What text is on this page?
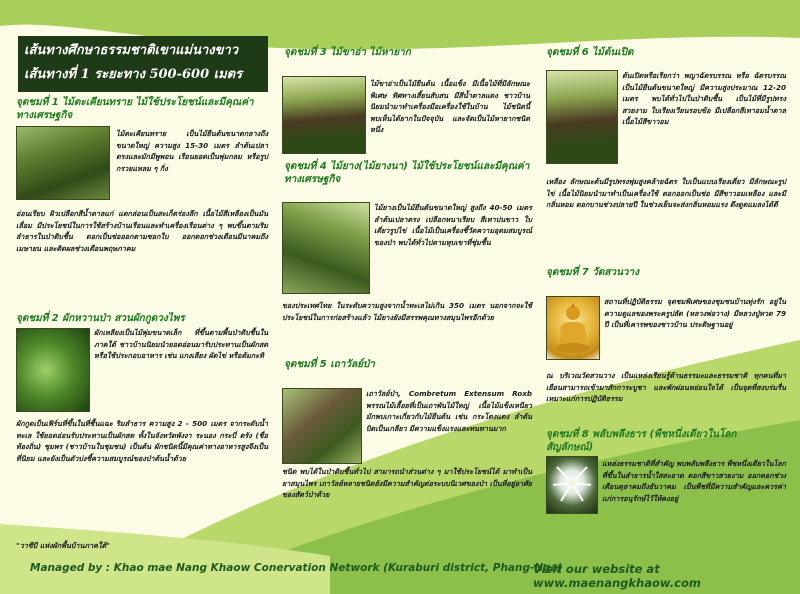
เส้นทางศึกษาธรรมชาติเขาแม่นางขาว
เส้นทางที่ 1 ระยะทาง 500-600 เมตร
จุดชมที่ 1 ไม้ตะเคียนทราย ไม้ใช้ประโยชน์และมีคุณค่าทางเศรษฐกิจ
ไม้ตะเคียนทราย เป็นไม้ยืนต้นขนาดกลางถึงขนาดใหญ่ ความสูง 15-30 เมตร ลำต้นเปลาตรงและมักมีพูพอน เรือนยอดเป็นพุ่มกลม หรือรูปกรวยแหลม ๆ กิ่ง
อ่อนเรียบ ผิวเปลือกสีน้ำตาลแก่ แตกล่อนเป็นสะเก็ดร่องลึก เนื้อไม้สีเหลืองเป็นมันเลื่อม มีประโยชน์ในการใช้สร้างบ้านเรือนและทำเครื่องเรือนต่าง ๆ พบขึ้นตามริมลำธารในป่าดิบชื้น ดอกเป็นช่อออกตามซอกใบ ออกดอกช่วงเดือนมีนาคมถึงเมษายน และติดผลช่วงเดือนพฤษภาคม
จุดชมที่ 2 ผักหวานป่า สวนผักกูดวงไพร
ผักเหลียงเป็นไม้พุ่มขนาดเล็ก ที่ขึ้นตามพื้นป่าดิบชื้นในภาคใต้ ชาวบ้านนิยมนำยอดอ่อนมารับประทานเป็นผักสด หรือใช้ประกอบอาหาร เช่น แกงเลียง ผัดไข่ หรือต้มกะทิ
ผักกูดเป็นเฟิร์นที่ขึ้นในที่ชื้นแฉะ ริมลำธาร ความสูง 2 - 500 เมตร จากระดับน้ำทะเล ใช้ยอดอ่อนรับประทานเป็นผักสด ทั้งในจังหวัดพังงา ระนอง กระบี่ ตรัง (ชื่อท้องถิ่น) ชุมพร (ชาวบ้านในชุมชน) เป็นต้น ผักชนิดนี้มีคุณค่าทางอาหารสูงจึงเป็นที่นิยม และยังเป็นตัวบ่งชี้ความสมบูรณ์ของป่าต้นน้ำด้วย
"วาซีบี แห่งผักพื้นบ้านภาคใต้"
จุดชมที่ 3 ไม้ขาอ่า ไม้หายาก
ไม้ขาอ่าเป็นไม้ยืนต้น เนื้อแข็ง มีเนื้อไม้ที่มีลักษณะพิเศษ ทิศทางเสี้ยนสับสน มีสีน้ำตาลแดง ชาวบ้านนิยมนำมาทำเครื่องมือเครื่องใช้ในบ้าน ไม้ชนิดนี้พบเห็นได้ยากในปัจจุบัน และจัดเป็นไม้หายากชนิดหนึ่ง
จุดชมที่ 4 ไม้ยาง(ไม้ยางนา) ไม้ใช้ประโยชน์และมีคุณค่าทางเศรษฐกิจ
ไม้ยางเป็นไม้ยืนต้นขนาดใหญ่ สูงถึง 40-50 เมตร ลำต้นเปลาตรง เปลือกหนาเรียบ สีเทาปนขาว ใบเดี่ยวรูปไข่ เนื้อไม้เป็นเครื่องชี้วัดความอุดมสมบูรณ์ของป่า พบได้ทั่วไปตามหุบเขาที่ชุ่มชื้น
ของประเทศไทย ในระดับความสูงจากน้ำทะเลไม่เกิน 350 เมตร นอกจากจะใช้ประโยชน์ในการก่อสร้างแล้ว ไม้ยางยังมีสรรพคุณทางสมุนไพรอีกด้วย
จุดชมที่ 5 เถาวัลย์ป่า
เถาวัลย์ป่า, Combretum Extensum Roxb พรรณไม้เลื้อยที่เป็นเถาพันไม้ใหญ่ เนื้อไม้แข็งเหนียว มักพบเกาะเกี่ยวกับไม้ยืนต้น เช่น กระโดงแดง ลำต้นบิดเป็นเกลียว มีความแข็งแรงและทนทานมาก
ชนิด พบได้ในป่าดิบชื้นทั่วไป สามารถนำส่วนต่าง ๆ มาใช้ประโยชน์ได้ มาทำเป็นยาสมุนไพร เถาวัลย์หลายชนิดยังมีความสำคัญต่อระบบนิเวศของป่า เป็นที่อยู่อาศัยของสัตว์ป่าด้วย
จุดชมที่ 6 ไม้ต้นเปิด
ต้นเปิดหรือเรียกว่า พญาฉัตรบรรณ หรือ ฉัตรบรรณ เป็นไม้ยืนต้นขนาดใหญ่ มีความสูงประมาณ 12-20 เมตร พบได้ทั่วไปในป่าดิบชื้น เป็นไม้ที่มีรูปทรงสวยงาม ใบเรียงเวียนรอบข้อ มีเปลือกสีเทาอมน้ำตาล เนื้อไม้สีขาวอม
เหลือง ลักษณะต้นมีรูปทรงพุ่มสูงคล้ายฉัตร ใบเป็นแบบเรียงเดี่ยว มีลักษณะรูปไข่ เนื้อไม้นิยมนำมาทำเป็นเครื่องใช้ ดอกออกเป็นช่อ มีสีขาวอมเหลือง และมีกลิ่นหอม ดอกบานช่วงปลายปี ในช่วงเย็นจะส่งกลิ่นหอมแรง ดึงดูดแมลงได้ดี
จุดชมที่ 7 วัดสวนวาง
สถานที่ปฏิบัติธรรม จุดชมพิเศษของชุมชนบ้านทุ่งรัก อยู่ในความดูแลของพระครูปลัด (หลวงพ่อวาง) มีหลวงปู่ทวด 79 ปี เป็นที่เคารพของชาวบ้าน ประดิษฐานอยู่
ณ บริเวณวัดสวนวาง เป็นแหล่งเรียนรู้ด้านธรรมะและธรรมชาติ ทุกคนที่มาเยือนสามารถเข้ามาสักการะบูชา และพักผ่อนหย่อนใจได้ เป็นจุดที่สงบร่มรื่น เหมาะแก่การปฏิบัติธรรม
จุดชมที่ 8 พลับพลึงธาร (พืชหนึ่งเดียวในโลก สัญลักษณ์)
แหล่งธรรมชาติที่สำคัญ พบพลับพลึงธาร พืชหนึ่งเดียวในโลกที่ขึ้นในลำธารน้ำใสสะอาด ดอกสีขาวสวยงาม ออกดอกช่วงเดือนตุลาคมถึงธันวาคม เป็นพืชที่มีความสำคัญและควรค่าแก่การอนุรักษ์ไว้ให้คงอยู่
Managed by : Khao mae Nang Khaow Conervation Network (Kuraburi district, Phang-Nga)
Visit our website at www.maenangkhaow.com
